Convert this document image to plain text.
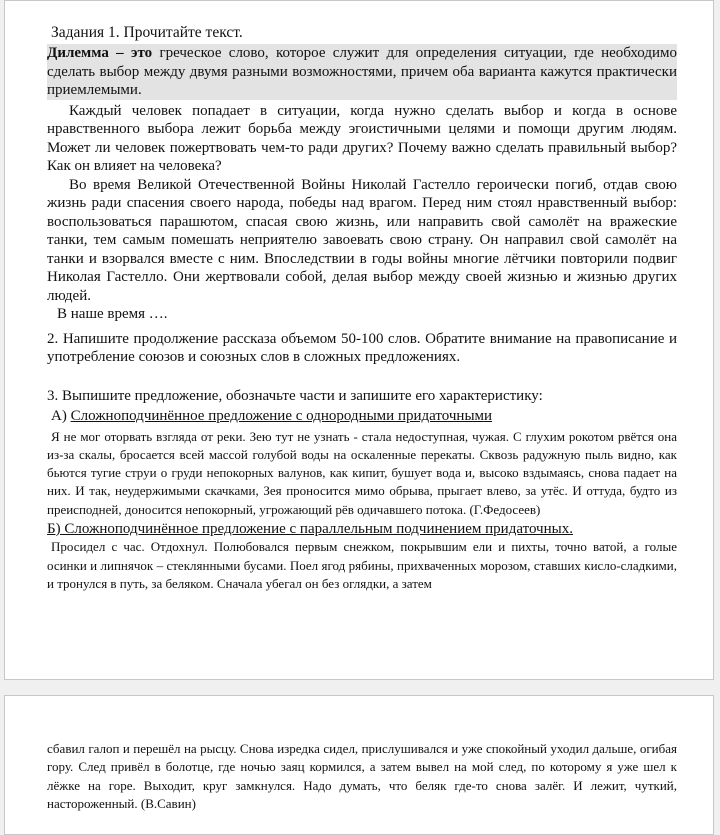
Задания 1. Прочитайте текст.

Дилемма – это греческое слово, которое служит для определения ситуации, где необходимо сделать выбор между двумя разными возможностями, причем оба варианта кажутся практически приемлемыми.

Каждый человек попадает в ситуации, когда нужно сделать выбор и когда в основе нравственного выбора лежит борьба между эгоистичными целями и помощи другим людям. Может ли человек пожертвовать чем-то ради других? Почему важно сделать правильный выбор? Как он влияет на человека?

Во время Великой Отечественной Войны Николай Гастелло героически погиб, отдав свою жизнь ради спасения своего народа, победы над врагом. Перед ним стоял нравственный выбор: воспользоваться парашютом, спасая свою жизнь, или направить свой самолёт на вражеские танки, тем самым помешать неприятелю завоевать свою страну. Он направил свой самолёт на танки и взорвался вместе с ним. Впоследствии в годы войны многие лётчики повторили подвиг Николая Гастелло. Они жертвовали собой, делая выбор между своей жизнью и жизнью других людей.

В наше время ….

2. Напишите продолжение рассказа объемом 50-100 слов. Обратите внимание на правописание и употребление союзов и союзных слов в сложных предложениях.

3. Выпишите предложение, обозначьте части и запишите его характеристику:

А) Сложноподчинённое предложение с однородными придаточными

Я не мог оторвать взгляда от реки. Зею тут не узнать - стала недоступная, чужая. С глухим рокотом рвётся она из-за скалы, бросается всей массой голубой воды на оскаленные перекаты. Сквозь радужную пыль видно, как бьются тугие струи о груди непокорных валунов, как кипит, бушует вода и, высоко вздымаясь, снова падает на них. И так, неудержимыми скачками, Зея проносится мимо обрыва, прыгает влево, за утёс. И оттуда, будто из преисподней, доносится непокорный, угрожающий рёв одичавшего потока. (Г.Федосеев)

Б) Сложноподчинённое предложение с параллельным подчинением придаточных.

Просидел с час. Отдохнул. Полюбовался первым снежком, покрывшим ели и пихты, точно ватой, а голые осинки и липнячок – стеклянными бусами. Поел ягод рябины, прихваченных морозом, ставших кисло-сладкими, и тронулся в путь, за беляком. Сначала убегал он без оглядки, а затем

сбавил галоп и перешёл на рысцу. Снова изредка сидел, прислушивался и уже спокойный уходил дальше, огибая гору. След привёл в болотце, где ночью заяц кормился, а затем вывел на мой след, по которому я уже шел к лёжке на горе. Выходит, круг замкнулся. Надо думать, что беляк где-то снова залёг. И лежит, чуткий, настороженный. (В.Савин)
